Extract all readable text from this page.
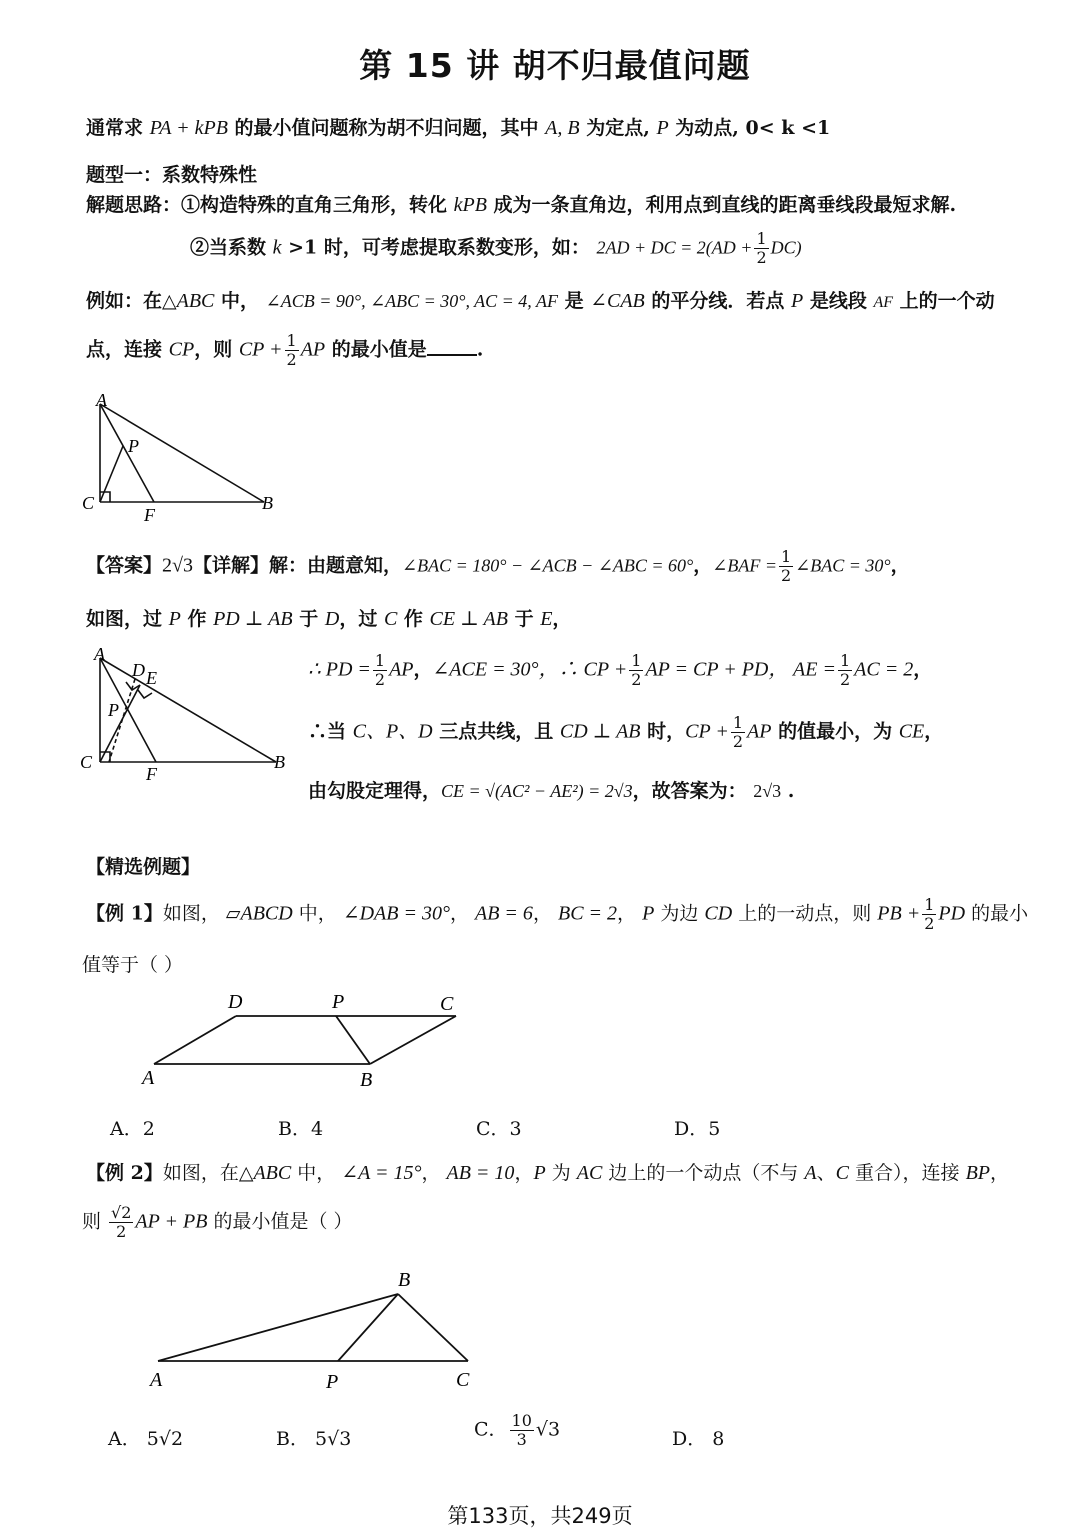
第 15 讲 胡不归最值问题
通常求 PA + kPB 的最小值问题称为胡不归问题，其中 A, B 为定点, P 为动点, 0< k <1
题型一：系数特殊性
解题思路：①构造特殊的直角三角形，转化 kPB 成为一条直角边，利用点到直线的距离垂线段最短求解.
②当系数 k >1 时，可考虑提取系数变形，如： 2AD + DC = $2(AD + \frac{1}{2} DC)$
例如：在△ABC 中， ∠ACB = 90°, ∠ABC = 30°, AC = 4, AF 是 ∠CAB 的平分线．若点 P 是线段 AF 上的一个动
点，连接 CP，则 CP + $\frac{1}{2}$ AP 的最小值是	.
A
P
C
F
B
【答案】2√3【详解】解：由题意知，∠BAC = 180° − ∠ACB − ∠ABC = 60°，∠BAF = $\frac{1}{2}$ ∠BAC = 30°，
如图，过 P 作 PD ⊥ AB 于 D，过 C 作 CE ⊥ AB 于 E，
A
D E
P
C
F
B
∴ PD = $\frac{1}{2}$ AP，∠ACE = 30°，∴ CP + $\frac{1}{2}$ AP = CP + PD， AE = $\frac{1}{2}$ AC = 2，
∴当 C、P、D 三点共线，且 CD ⊥ AB 时，CP + $\frac{1}{2}$ AP 的值最小，为 CE，
由勾股定理得，CE = √(AC² − AE²) = 2√3，故答案为： 2√3 .
【精选例题】
【例 1】如图， ▱ABCD 中， ∠DAB = 30°， AB = 6， BC = 2， P 为边 CD 上的一动点，则 PB + $\frac{1}{2}$ PD 的最小
值等于（ ）
D	P	C
A	B
A．2	B．4	C．3	D．5
【例 2】如图，在△ABC 中， ∠A = 15°， AB = 10，P 为 AC 边上的一个动点（不与 A、C 重合），连接 BP，
则 $\frac{√2}{2}$ AP + PB 的最小值是（ ）
B
A	P	C
A． 5√2	B． 5√3	C． $\frac{10}{3} √3$	D． 8
第133页，共249页
